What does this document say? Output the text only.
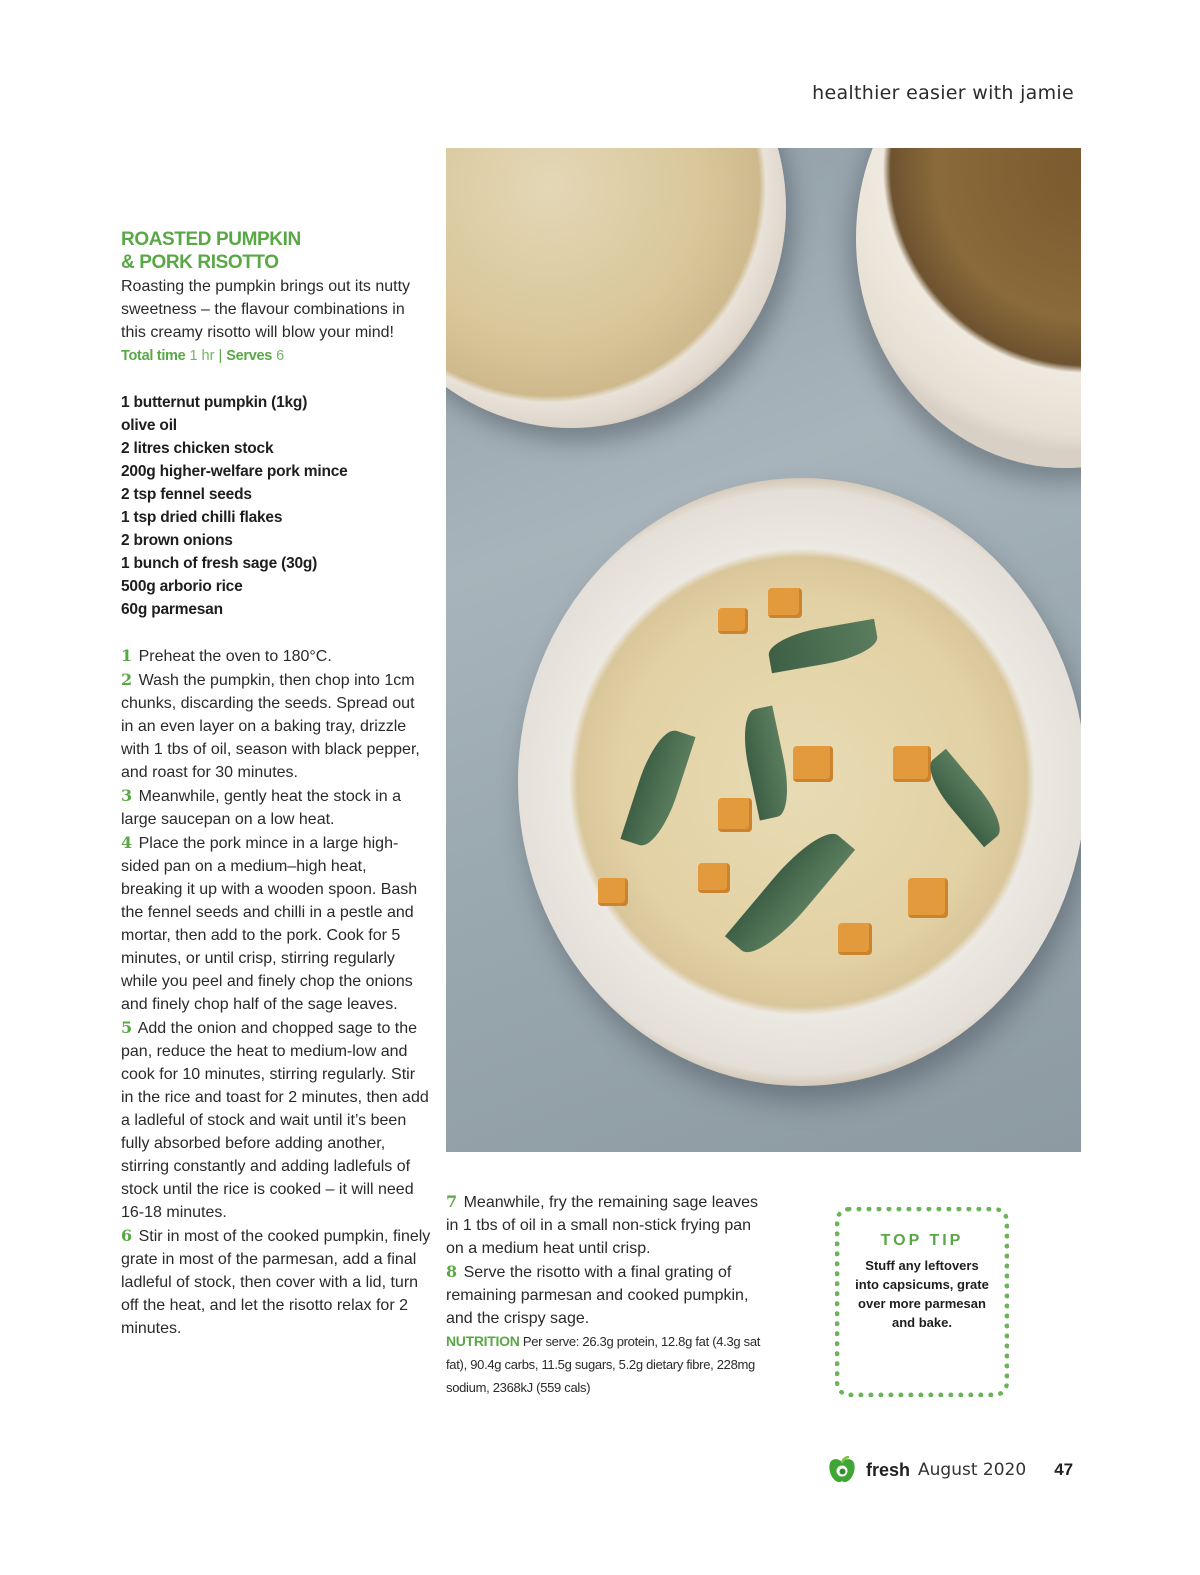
healthier easier with jamie
ROASTED PUMPKIN
& PORK RISOTTO

Roasting the pumpkin brings out its nutty sweetness – the flavour combinations in this creamy risotto will blow your mind!

Total time 1 hr | Serves 6
1 butternut pumpkin (1kg)
olive oil
2 litres chicken stock
200g higher-welfare pork mince
2 tsp fennel seeds
1 tsp dried chilli flakes
2 brown onions
1 bunch of fresh sage (30g)
500g arborio rice
60g parmesan

1 Preheat the oven to 180°C.

2 Wash the pumpkin, then chop into 1cm chunks, discarding the seeds. Spread out in an even layer on a baking tray, drizzle with 1 tbs of oil, season with black pepper, and roast for 30 minutes.

3 Meanwhile, gently heat the stock in a large saucepan on a low heat.

4 Place the pork mince in a large high-sided pan on a medium–high heat, breaking it up with a wooden spoon. Bash the fennel seeds and chilli in a pestle and mortar, then add to the pork. Cook for 5 minutes, or until crisp, stirring regularly while you peel and finely chop the onions and finely chop half of the sage leaves.

5 Add the onion and chopped sage to the pan, reduce the heat to medium-low and cook for 10 minutes, stirring regularly. Stir in the rice and toast for 2 minutes, then add a ladleful of stock and wait until it’s been fully absorbed before adding another, stirring constantly and adding ladlefuls of stock until the rice is cooked – it will need 16-18 minutes.

6 Stir in most of the cooked pumpkin, finely grate in most of the parmesan, add a final ladleful of stock, then cover with a lid, turn off the heat, and let the risotto relax for 2 minutes.

7 Meanwhile, fry the remaining sage leaves in 1 tbs of oil in a small non-stick frying pan on a medium heat until crisp.

8 Serve the risotto with a final grating of remaining parmesan and cooked pumpkin, and the crispy sage.

NUTRITION Per serve: 26.3g protein, 12.8g fat (4.3g sat fat), 90.4g carbs, 11.5g sugars, 5.2g dietary fibre, 228mg sodium, 2368kJ (559 cals)

TOP TIP
Stuff any leftovers into capsicums, grate over more parmesan and bake.
fresh August 2020 47
